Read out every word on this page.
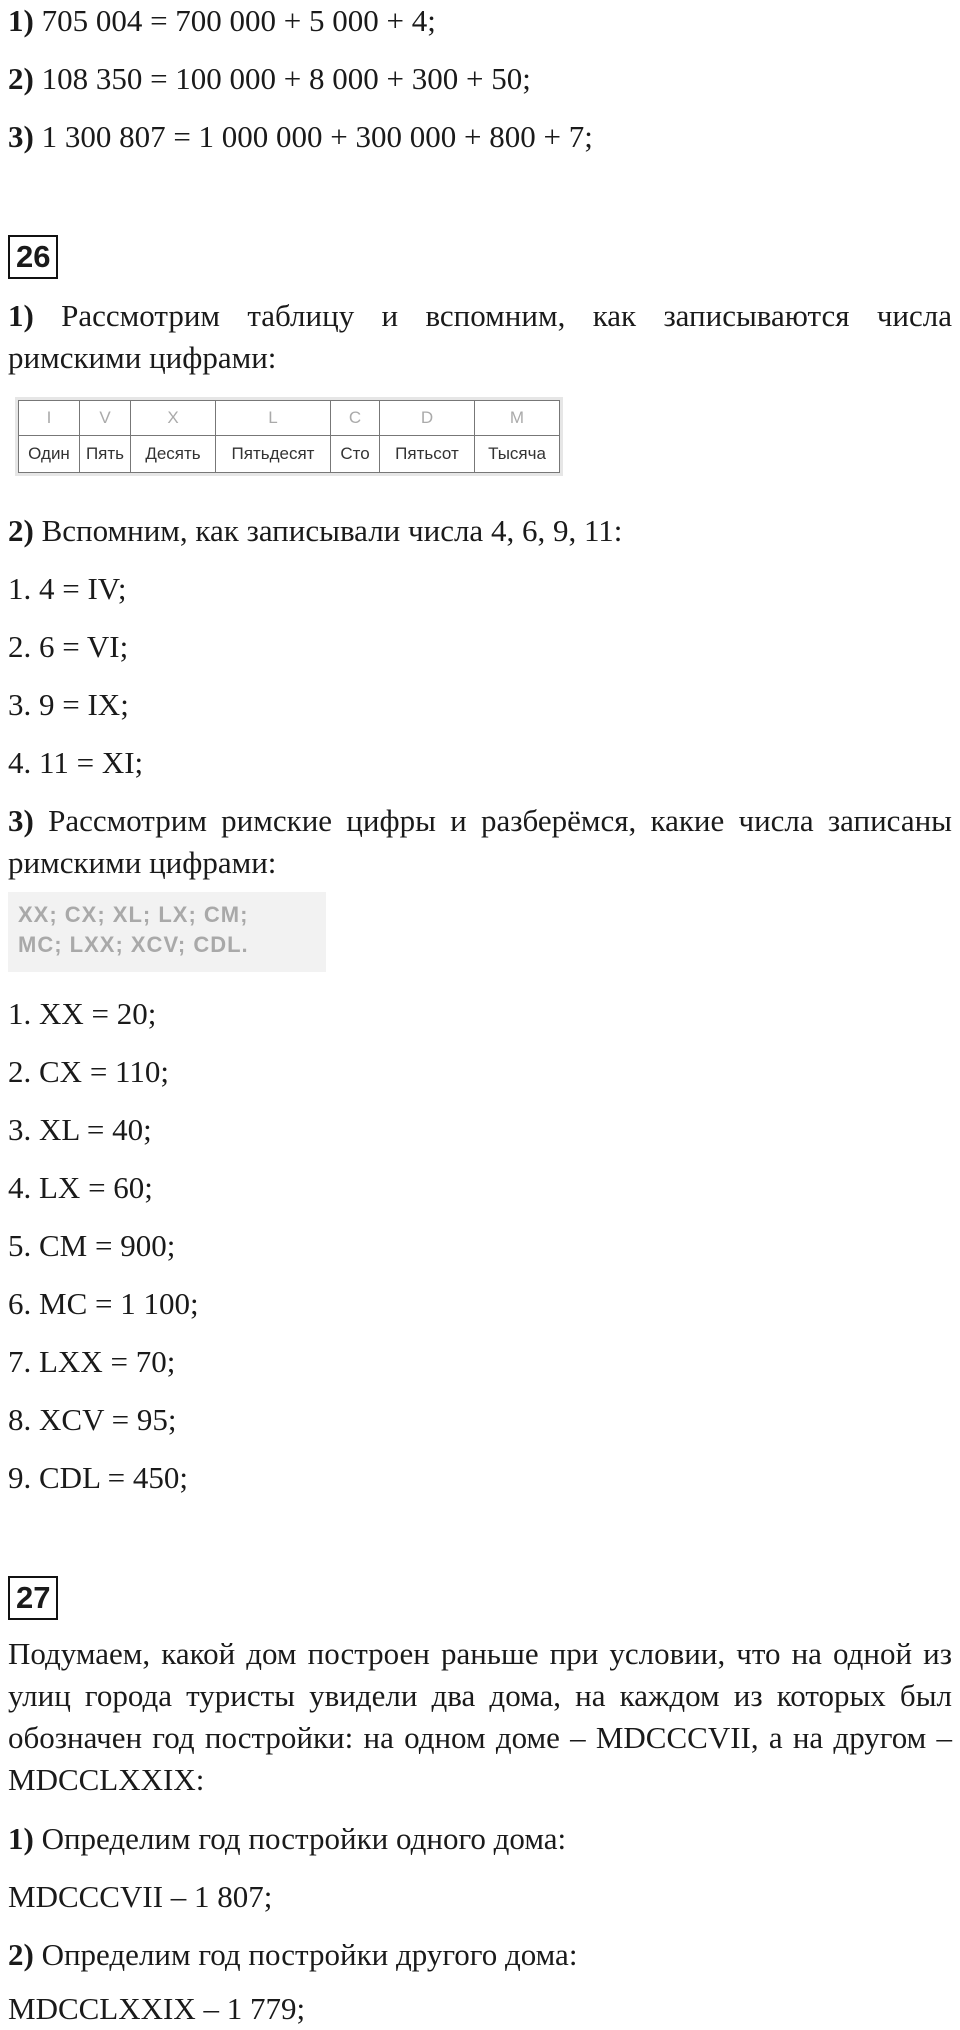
1) 705 004 = 700 000 + 5 000 + 4;
2) 108 350 = 100 000 + 8 000 + 300 + 50;
3) 1 300 807 = 1 000 000 + 300 000 + 800 + 7;
26
1) Рассмотрим таблицу и вспомним, как записываются числа римскими цифрами:
I	V	X	L	C	D	M
Один	Пять	Десять	Пятьдесят	Сто	Пятьсот	Тысяча
2) Вспомним, как записывали числа 4, 6, 9, 11:
1. 4 = IV;
2. 6 = VI;
3. 9 = IX;
4. 11 = XI;
3) Рассмотрим римские цифры и разберёмся, какие числа записаны римскими цифрами:
XX; CX; XL; LX; CM;
MC; LXX; XCV; CDL.
1. XX = 20;
2. CX = 110;
3. XL = 40;
4. LX = 60;
5. CM = 900;
6. MC = 1 100;
7. LXX = 70;
8. XCV = 95;
9. CDL = 450;
27
Подумаем, какой дом построен раньше при условии, что на одной из улиц города туристы увидели два дома, на каждом из которых был обозначен год постройки: на одном доме – MDCCCVII, а на другом – MDCCLXXIX:
1) Определим год постройки одного дома:
MDCCCVII – 1 807;
2) Определим год постройки другого дома:
MDCCLXXIX – 1 779;
